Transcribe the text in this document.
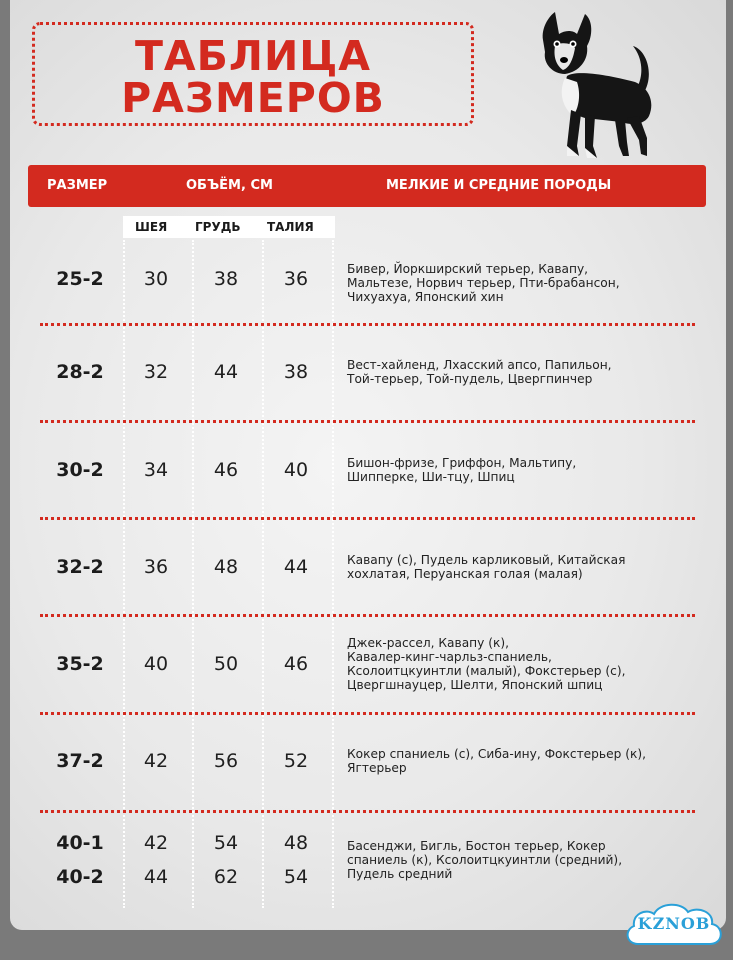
ТАБЛИЦА
РАЗМЕРОВ
РАЗМЕР	ОБЪЁМ, СМ	МЕЛКИЕ И СРЕДНИЕ ПОРОДЫ
ШЕЯ ГРУДЬ ТАЛИЯ
25-2	30	38	36	Бивер, Йоркширский терьер, Кавапу,
Мальтезе, Норвич терьер, Пти-брабансон,
Чихуахуа, Японский хин
28-2	32	44	38	Вест-хайленд, Лхасский апсо, Папильон,
Той-терьер, Той-пудель, Цвергпинчер
30-2	34	46	40	Бишон-фризе, Гриффон, Мальтипу,
Шипперке, Ши-тцу, Шпиц
32-2	36	48	44	Кавапу (с), Пудель карликовый, Китайская
хохлатая, Перуанская голая (малая)
35-2	40	50	46
Джек-рассел, Кавапу (к),
Кавалер-кинг-чарльз-спаниель,
Ксолоитцкуинтли (малый), Фокстерьер (с),
Цвергшнауцер, Шелти, Японский шпиц
37-2	42	56	52	Кокер спаниель (с), Сиба-ину, Фокстерьер (к),
Ягтерьер
40-1	42	54	48
40-2	44	62	54
Басенджи, Бигль, Бостон терьер, Кокер
спаниель (к), Ксолоитцкуинтли (средний),
Пудель средний
KZNOB
